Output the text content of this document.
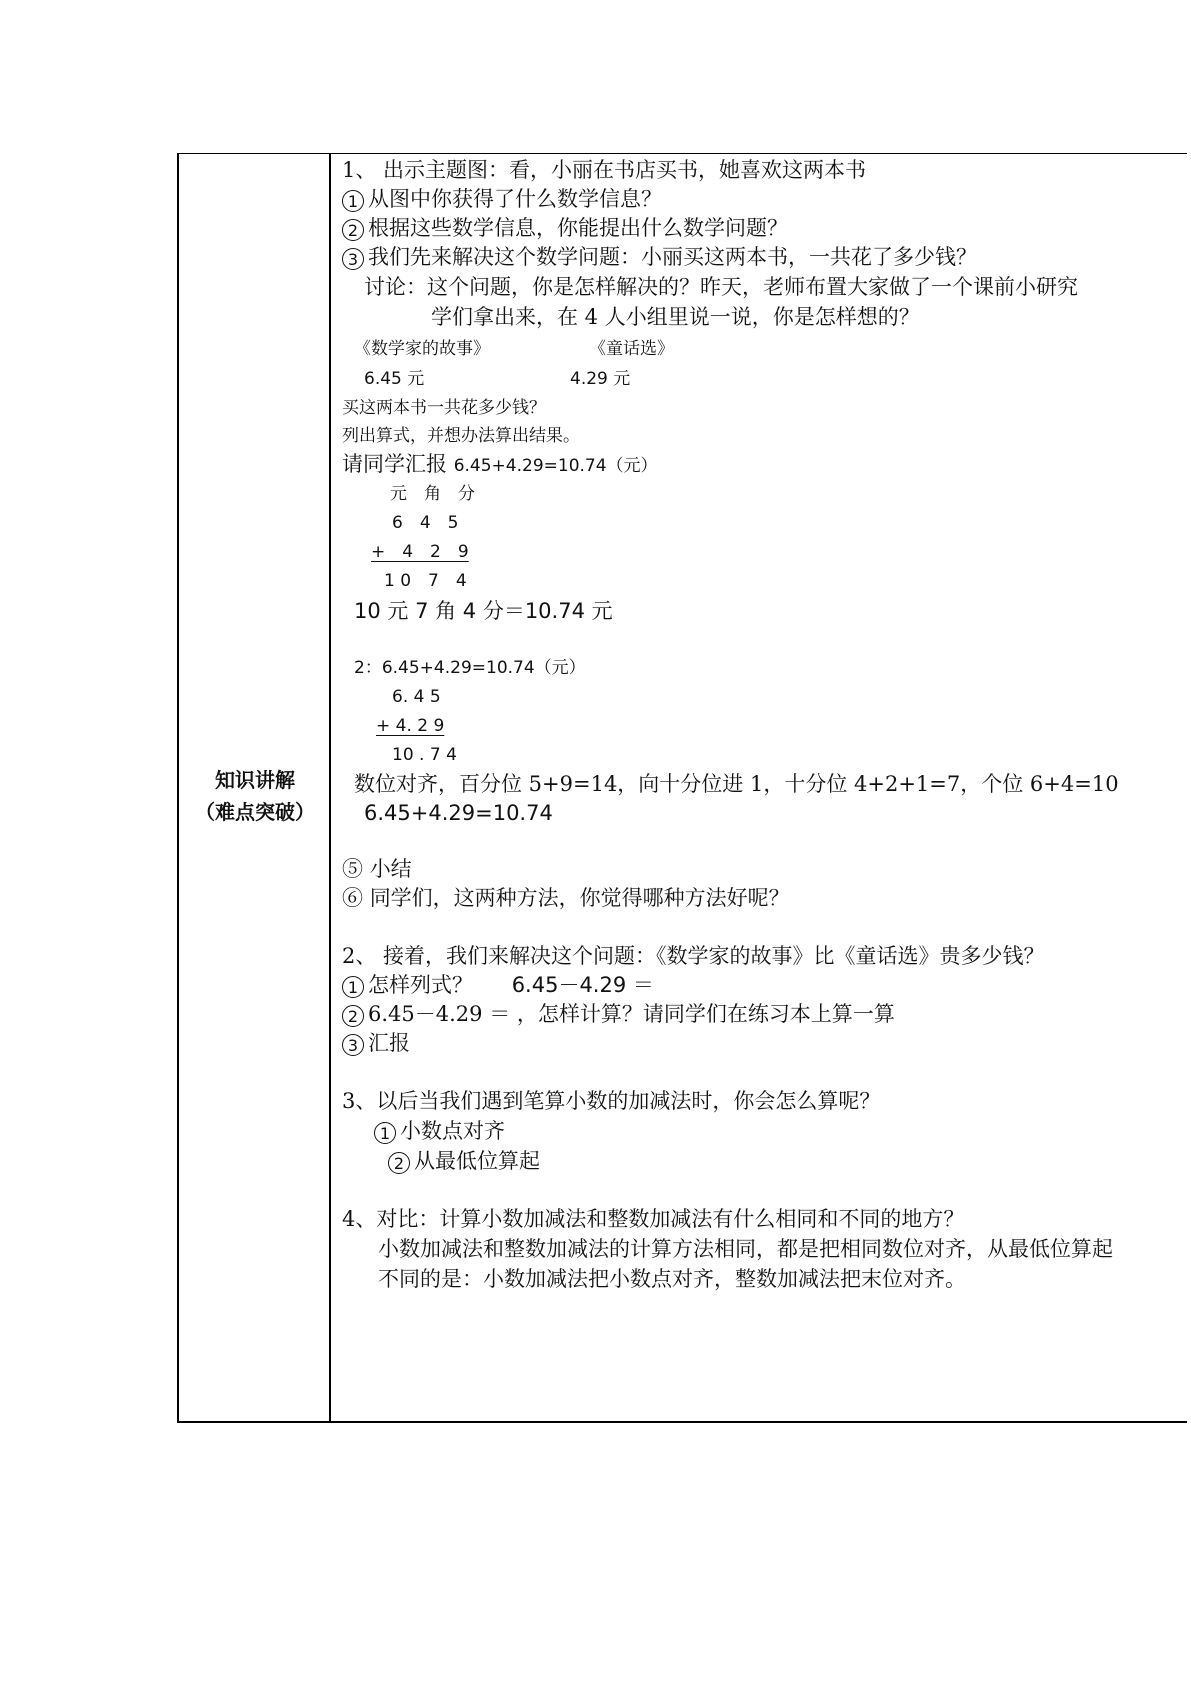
知识讲解
（难点突破）
1、 出示主题图：看，小丽在书店买书，她喜欢这两本书
1 从图中你获得了什么数学信息？
2 根据这些数学信息，你能提出什么数学问题？
3 我们先来解决这个数学问题：小丽买这两本书，一共花了多少钱？
讨论：这个问题，你是怎样解决的？昨天，老师布置大家做了一个课前小研究
学们拿出来，在 4 人小组里说一说，你是怎样想的？
《数学家的故事》	《童话选》
6.45 元	4.29 元
买这两本书一共花多少钱？
列出算式，并想办法算出结果。
请同学汇报 6.45+4.29=10.74（元）
元　角　分
6　4　5
+　4　2　9
1 0　7　4
10 元 7 角 4 分＝10.74 元
2：6.45+4.29=10.74（元）
6. 4 5
+ 4. 2 9
10 . 7 4
数位对齐，百分位 5+9=14，向十分位进 1，十分位 4+2+1=7，个位 6+4=10
6.45+4.29=10.74
⑤ 小结
⑥ 同学们，这两种方法，你觉得哪种方法好呢？
2、 接着，我们来解决这个问题：《数学家的故事》比《童话选》贵多少钱？
1 怎样列式？ 6.45－4.29 ＝
2 6.45－4.29 ＝ ，怎样计算？请同学们在练习本上算一算
3 汇报
3、以后当我们遇到笔算小数的加减法时，你会怎么算呢？
1 小数点对齐
2 从最低位算起
4、对比：计算小数加减法和整数加减法有什么相同和不同的地方？
小数加减法和整数加减法的计算方法相同，都是把相同数位对齐，从最低位算起
不同的是：小数加减法把小数点对齐，整数加减法把末位对齐。
